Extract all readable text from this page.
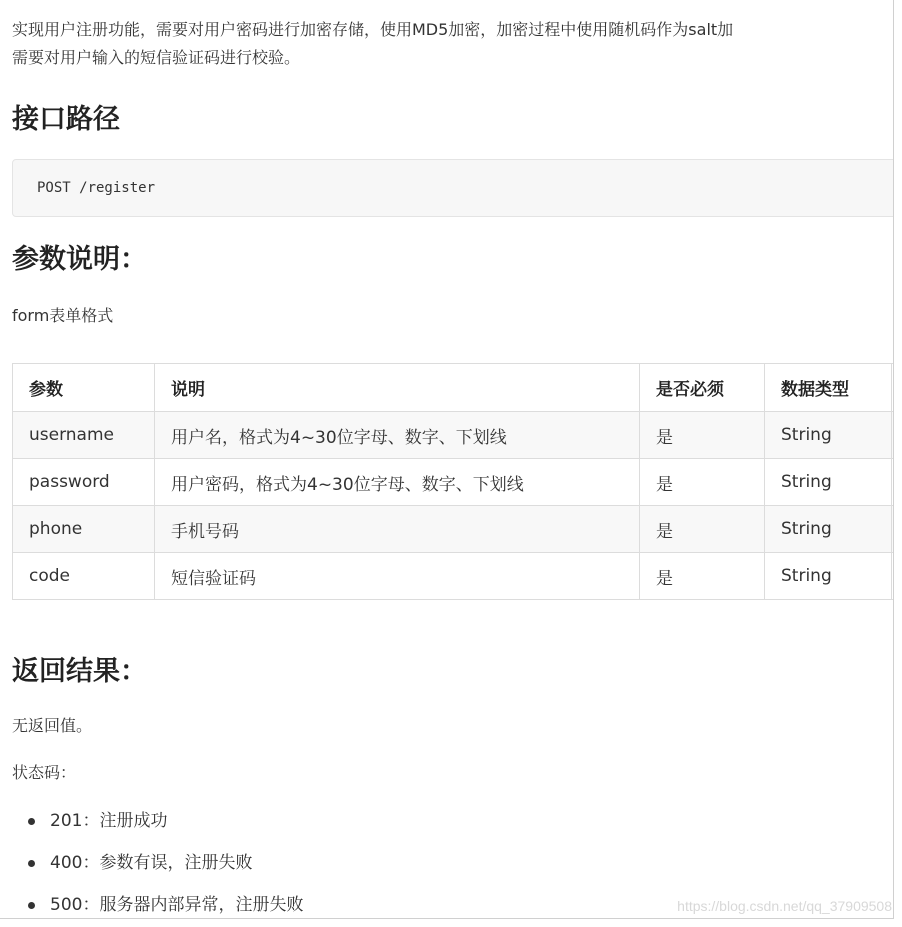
实现用户注册功能，需要对用户密码进行加密存储，使用MD5加密，加密过程中使用随机码作为salt加
需要对用户输入的短信验证码进行校验。
接口路径
POST /register
参数说明：
form表单格式
参数	说明	是否必须	数据类型	
username	用户名，格式为4~30位字母、数字、下划线	是	String	
password	用户密码，格式为4~30位字母、数字、下划线	是	String	
phone	手机号码	是	String	
code	短信验证码	是	String	
返回结果：
无返回值。
状态码：
201：注册成功
400：参数有误，注册失败
500：服务器内部异常，注册失败	https://blog.csdn.net/qq_37909508
